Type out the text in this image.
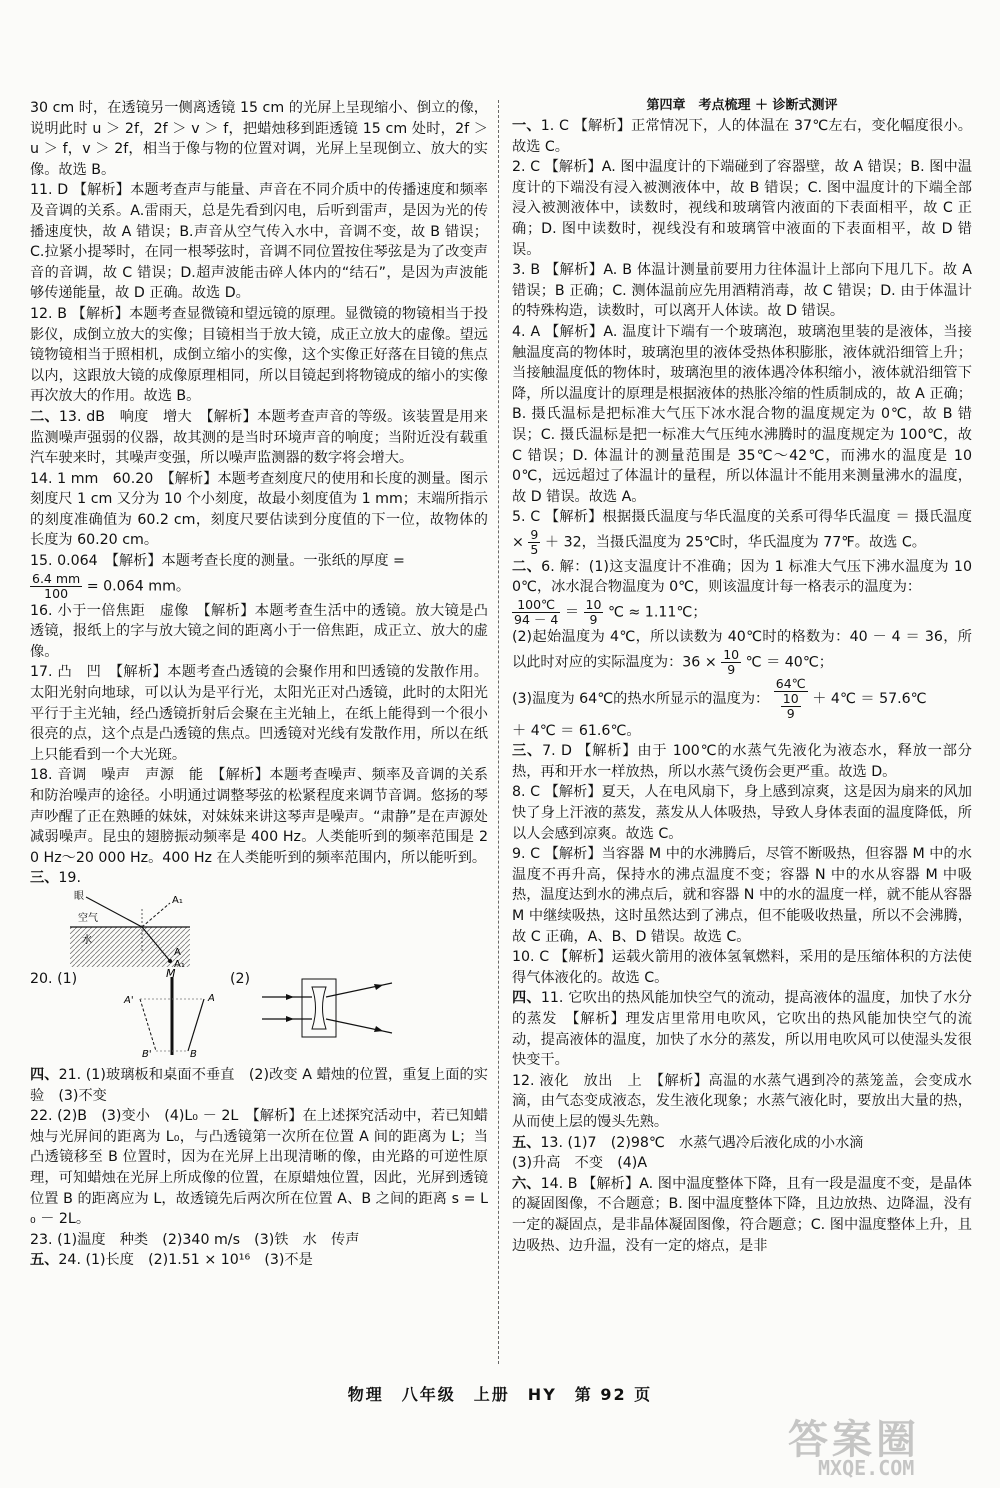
30 cm 时，在透镜另一侧离透镜 15 cm 的光屏上呈现缩小、倒立的像，说明此时 u ＞ 2f，2f ＞ v ＞ f，把蜡烛移到距透镜 15 cm 处时，2f ＞ u ＞ f，v ＞ 2f，相当于像与物的位置对调，光屏上呈现倒立、放大的实像。故选 B。

11. D 【解析】本题考查声与能量、声音在不同介质中的传播速度和频率及音调的关系。A.雷雨天，总是先看到闪电，后听到雷声，是因为光的传播速度快，故 A 错误；B.声音从空气传入水中，音调不变，故 B 错误；C.拉紧小提琴时，在同一根琴弦时，音调不同位置按住琴弦是为了改变声音的音调，故 C 错误；D.超声波能击碎人体内的“结石”，是因为声波能够传递能量，故 D 正确。故选 D。

12. B 【解析】本题考查显微镜和望远镜的原理。显微镜的物镜相当于投影仪，成倒立放大的实像；目镜相当于放大镜，成正立放大的虚像。望远镜物镜相当于照相机，成倒立缩小的实像，这个实像正好落在目镜的焦点以内，这跟放大镜的成像原理相同，所以目镜起到将物镜成的缩小的实像再次放大的作用。故选 B。

二、13. dB　响度　增大　【解析】本题考查声音的等级。该装置是用来监测噪声强弱的仪器，故其测的是当时环境声音的响度；当附近没有载重汽车驶来时，其噪声变强，所以噪声监测器的数字将会增大。

14. 1 mm　60.20　【解析】本题考查刻度尺的使用和长度的测量。图示刻度尺 1 cm 又分为 10 个小刻度，故最小刻度值为 1 mm；末端所指示的刻度准确值为 60.2 cm，刻度尺要估读到分度值的下一位，故物体的长度为 60.20 cm。

15. 0.064　【解析】本题考查长度的测量。一张纸的厚度 =

$\frac{6.4 mm}{100} = 0.064$ mm。

16. 小于一倍焦距　虚像　【解析】本题考查生活中的透镜。放大镜是凸透镜，报纸上的字与放大镜之间的距离小于一倍焦距，成正立、放大的虚像。

17. 凸　凹　【解析】本题考查凸透镜的会聚作用和凹透镜的发散作用。太阳光射向地球，可以认为是平行光，太阳光正对凸透镜，此时的太阳光平行于主光轴，经凸透镜折射后会聚在主光轴上，在纸上能得到一个很小很亮的点，这个点是凸透镜的焦点。凹透镜对光线有发散作用，所以在纸上只能看到一个大光斑。

18. 音调　噪声　声源　能　【解析】本题考查噪声、频率及音调的关系和防治噪声的途径。小明通过调整琴弦的松紧程度来调节音调。悠扬的琴声吵醒了正在熟睡的妹妹，对妹妹来讲这琴声是噪声。“肃静”是在声源处减弱噪声。昆虫的翅膀振动频率是 400 Hz。人类能听到的频率范围是 20 Hz～20 000 Hz。400 Hz 在人类能听到的频率范围内，所以能听到。

三、19.

眼
空气
水
A₁
A
A₁
20. (1)	M
A'	A
B'	B
(2)

四、21. (1)玻璃板和桌面不垂直　(2)改变 A 蜡烛的位置，重复上面的实验　(3)不变

22. (2)B　(3)变小　(4)L₀ － 2L　【解析】在上述探究活动中，若已知蜡烛与光屏间的距离为 L₀，与凸透镜第一次所在位置 A 间的距离为 L；当凸透镜移至 B 位置时，因为在光屏上出现清晰的像，由光路的可逆性原理，可知蜡烛在光屏上所成像的位置，在原蜡烛位置，因此，光屏到透镜位置 B 的距离应为 L，故透镜先后两次所在位置 A、B 之间的距离 s = L₀ － 2L。

23. (1)温度　种类　(2)340 m/s　(3)铁　水　传声

五、24. (1)长度　(2)1.51 × 10¹⁶　(3)不是

第四章　考点梳理 ＋ 诊断式测评

一、1. C 【解析】正常情况下，人的体温在 37℃左右，变化幅度很小。故选 C。

2. C 【解析】A. 图中温度计的下端碰到了容器壁，故 A 错误；B. 图中温度计的下端没有浸入被测液体中，故 B 错误；C. 图中温度计的下端全部浸入被测液体中，读数时，视线和玻璃管内液面的下表面相平，故 C 正确；D. 图中读数时，视线没有和玻璃管中液面的下表面相平，故 D 错误。

3. B 【解析】A. B 体温计测量前要用力往体温计上部向下甩几下。故 A 错误；B 正确；C. 测体温前应先用酒精消毒，故 C 错误；D. 由于体温计的特殊构造，读数时，可以离开人体读。故 D 错误。

4. A 【解析】A. 温度计下端有一个玻璃泡，玻璃泡里装的是液体，当接触温度高的物体时，玻璃泡里的液体受热体积膨胀，液体就沿细管上升；当接触温度低的物体时，玻璃泡里的液体遇冷体积缩小，液体就沿细管下降，所以温度计的原理是根据液体的热胀冷缩的性质制成的，故 A 正确；B. 摄氏温标是把标准大气压下冰水混合物的温度规定为 0℃，故 B 错误；C. 摄氏温标是把一标准大气压纯水沸腾时的温度规定为 100℃，故 C 错误；D. 体温计的测量范围是 35℃～42℃，而沸水的温度是 100℃，远远超过了体温计的量程，所以体温计不能用来测量沸水的温度，故 D 错误。故选 A。

5. C 【解析】根据摄氏温度与华氏温度的关系可得华氏温度 ＝ 摄氏温度 × $\frac{9}{5} + 32$，当摄氏温度为 25℃时，华氏温度为 77℉。故选 C。

二、6. 解：(1)这支温度计不准确；因为 1 标准大气压下沸水温度为 100℃，冰水混合物温度为 0℃，则该温度计每一格表示的温度为：

$\frac{100℃}{94 - 4} = \frac{10}{9}$ ℃ ≈ 1.11℃；

(2)起始温度为 4℃，所以读数为 40℃时的格数为：40 － 4 ＝ 36，所以此时对应的实际温度为：$36 \times \frac{10}{9}$ ℃ ＝ 40℃；

(3)温度为 64℃的热水所显示的温度为： $\frac{64℃}{\frac{10}{9}}$ ＋ 4℃ ＝ 57.6℃
＋ 4℃ ＝ 61.6℃。

三、7. D 【解析】由于 100℃的水蒸气先液化为液态水，释放一部分热，再和开水一样放热，所以水蒸气烫伤会更严重。故选 D。

8. C 【解析】夏天，人在电风扇下，身上感到凉爽，这是因为扇来的风加快了身上汗液的蒸发，蒸发从人体吸热，导致人身体表面的温度降低，所以人会感到凉爽。故选 C。

9. C 【解析】当容器 M 中的水沸腾后，尽管不断吸热，但容器 M 中的水温度不再升高，保持水的沸点温度不变；容器 N 中的水从容器 M 中吸热，温度达到水的沸点后，就和容器 N 中的水的温度一样，就不能从容器 M 中继续吸热，这时虽然达到了沸点，但不能吸收热量，所以不会沸腾，故 C 正确，A、B、D 错误。故选 C。

10. C 【解析】运载火箭用的液体氢氧燃料，采用的是压缩体积的方法使得气体液化的。故选 C。

四、11. 它吹出的热风能加快空气的流动，提高液体的温度，加快了水分的蒸发　【解析】理发店里常用电吹风，它吹出的热风能加快空气的流动，提高液体的温度，加快了水分的蒸发，所以用电吹风可以使湿头发很快变干。

12. 液化　放出　上　【解析】高温的水蒸气遇到冷的蒸笼盖，会变成水滴，由气态变成液态，发生液化现象；水蒸气液化时，要放出大量的热，从而使上层的馒头先熟。

五、13. (1)7　(2)98℃　水蒸气遇冷后液化成的小水滴

(3)升高　不变　(4)A

六、14. B 【解析】A. 图中温度整体下降，且有一段是温度不变，是晶体的凝固图像，不合题意；B. 图中温度整体下降，且边放热、边降温，没有一定的凝固点，是非晶体凝固图像，符合题意；C. 图中温度整体上升，且边吸热、边升温，没有一定的熔点，是非

物理　八年级　上册　HY　第 92 页
答案圈
MXQE.COM
